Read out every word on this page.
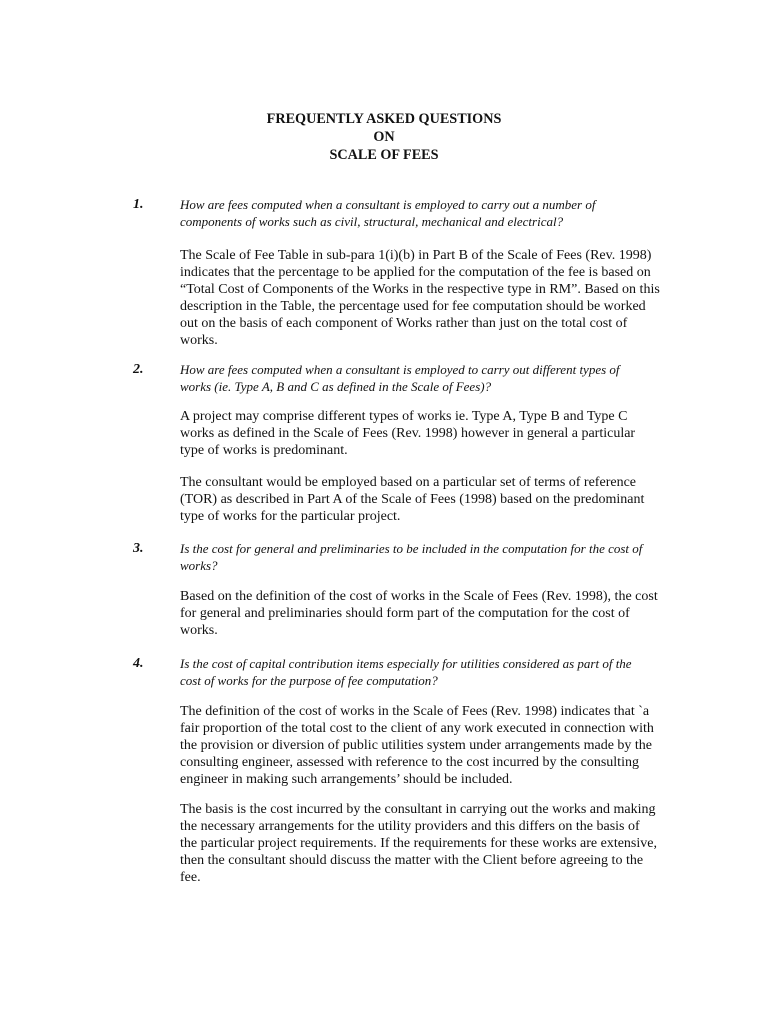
FREQUENTLY ASKED QUESTIONS
ON
SCALE OF FEES
1.	How are fees computed when a consultant is employed to carry out a number of components of works such as civil, structural, mechanical and electrical?
The Scale of Fee Table in sub-para 1(i)(b) in Part B of the Scale of Fees (Rev. 1998) indicates that the percentage to be applied for the computation of the fee is based on “Total Cost of Components of the Works in the respective type in RM”. Based on this description in the Table, the percentage used for fee computation should be worked out on the basis of each component of Works rather than just on the total cost of works.
2.	How are fees computed when a consultant is employed to carry out different types of works (ie. Type A, B and C as defined in the Scale of Fees)?
A project may comprise different types of works ie. Type A, Type B and Type C works as defined in the Scale of Fees (Rev. 1998) however in general a particular type of works is predominant.
The consultant would be employed based on a particular set of terms of reference (TOR) as described in Part A of the Scale of Fees (1998) based on the predominant type of works for the particular project.
3.	Is the cost for general and preliminaries to be included in the computation for the cost of works?
Based on the definition of the cost of works in the Scale of Fees (Rev. 1998), the cost for general and preliminaries should form part of the computation for the cost of works.
4.	Is the cost of capital contribution items especially for utilities considered as part of the cost of works for the purpose of fee computation?
The definition of the cost of works in the Scale of Fees (Rev. 1998) indicates that `a fair proportion of the total cost to the client of any work executed in connection with the provision or diversion of public utilities system under arrangements made by the consulting engineer, assessed with reference to the cost incurred by the consulting engineer in making such arrangements’ should be included.
The basis is the cost incurred by the consultant in carrying out the works and making the necessary arrangements for the utility providers and this differs on the basis of the particular project requirements. If the requirements for these works are extensive, then the consultant should discuss the matter with the Client before agreeing to the fee.
